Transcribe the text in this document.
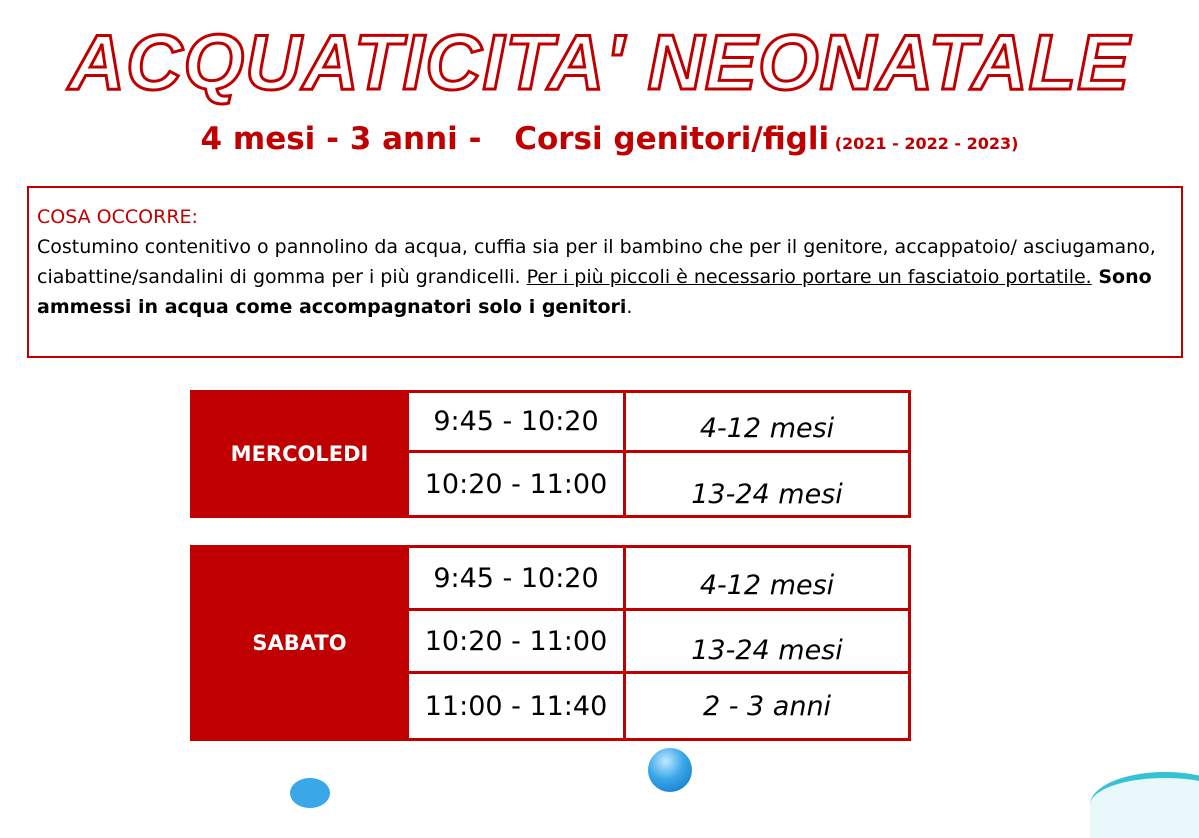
ACQUATICITA' NEONATALE
4 mesi - 3 anni - Corsi genitori/figli (2021 - 2022 - 2023)
COSA OCCORRE:
Costumino contenitivo o pannolino da acqua, cuffia sia per il bambino che per il genitore, accappatoio/ asciugamano, ciabattine/sandalini di gomma per i più grandicelli. Per i più piccoli è necessario portare un fasciatoio portatile. Sono ammessi in acqua come accompagnatori solo i genitori.
MERCOLEDI	9:45 - 10:20	4-12 mesi
	10:20 - 11:00	13-24 mesi
SABATO	9:45 - 10:20	4-12 mesi
	10:20 - 11:00	13-24 mesi
	11:00 - 11:40	2 - 3 anni
